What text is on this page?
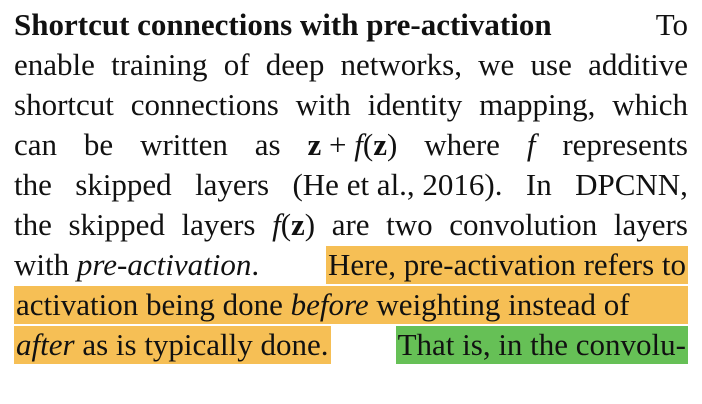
Shortcut connections with pre-activation	To
enable training of deep networks, we use additive
shortcut connections with identity mapping, which
can be written as z + f(z) where f represents
the skipped layers (He et al., 2016). In DPCNN,
the skipped layers f(z) are two convolution layers
with pre-activation. Here, pre-activation refers to
activation being done before weighting instead of
after as is typically done. That is, in the convolu-
